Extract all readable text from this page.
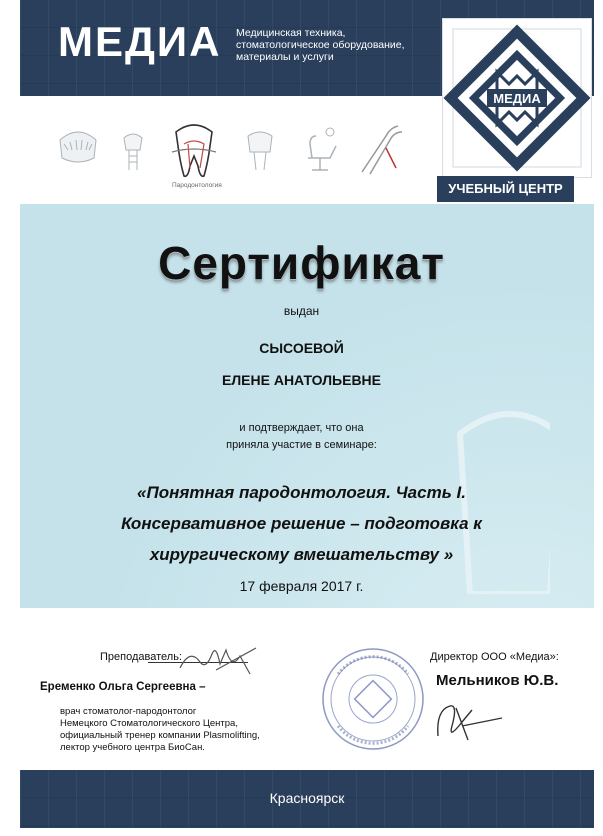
МЕДИА Медицинская техника,
стоматологическое оборудование,
материалы и услуги
МЕДИА
УЧЕБНЫЙ ЦЕНТР
Пародонтология
Сертификат
выдан
СЫСОЕВОЙ
ЕЛЕНЕ АНАТОЛЬЕВНЕ
и подтверждает, что она
приняла участие в семинаре:
«Понятная пародонтология. Часть I.
Консервативное решение – подготовка к
хирургическому вмешательству »
17 февраля 2017 г.
Преподаватель:
Еременко Ольга Сергеевна –
врач стоматолог-пародонтолог
Немецкого Стоматологического Центра,
официальный тренер компании Plasmolifting,
лектор учебного центра БиоСан.
Директор ООО «Медиа»:
Мельников Ю.В.
Красноярск
